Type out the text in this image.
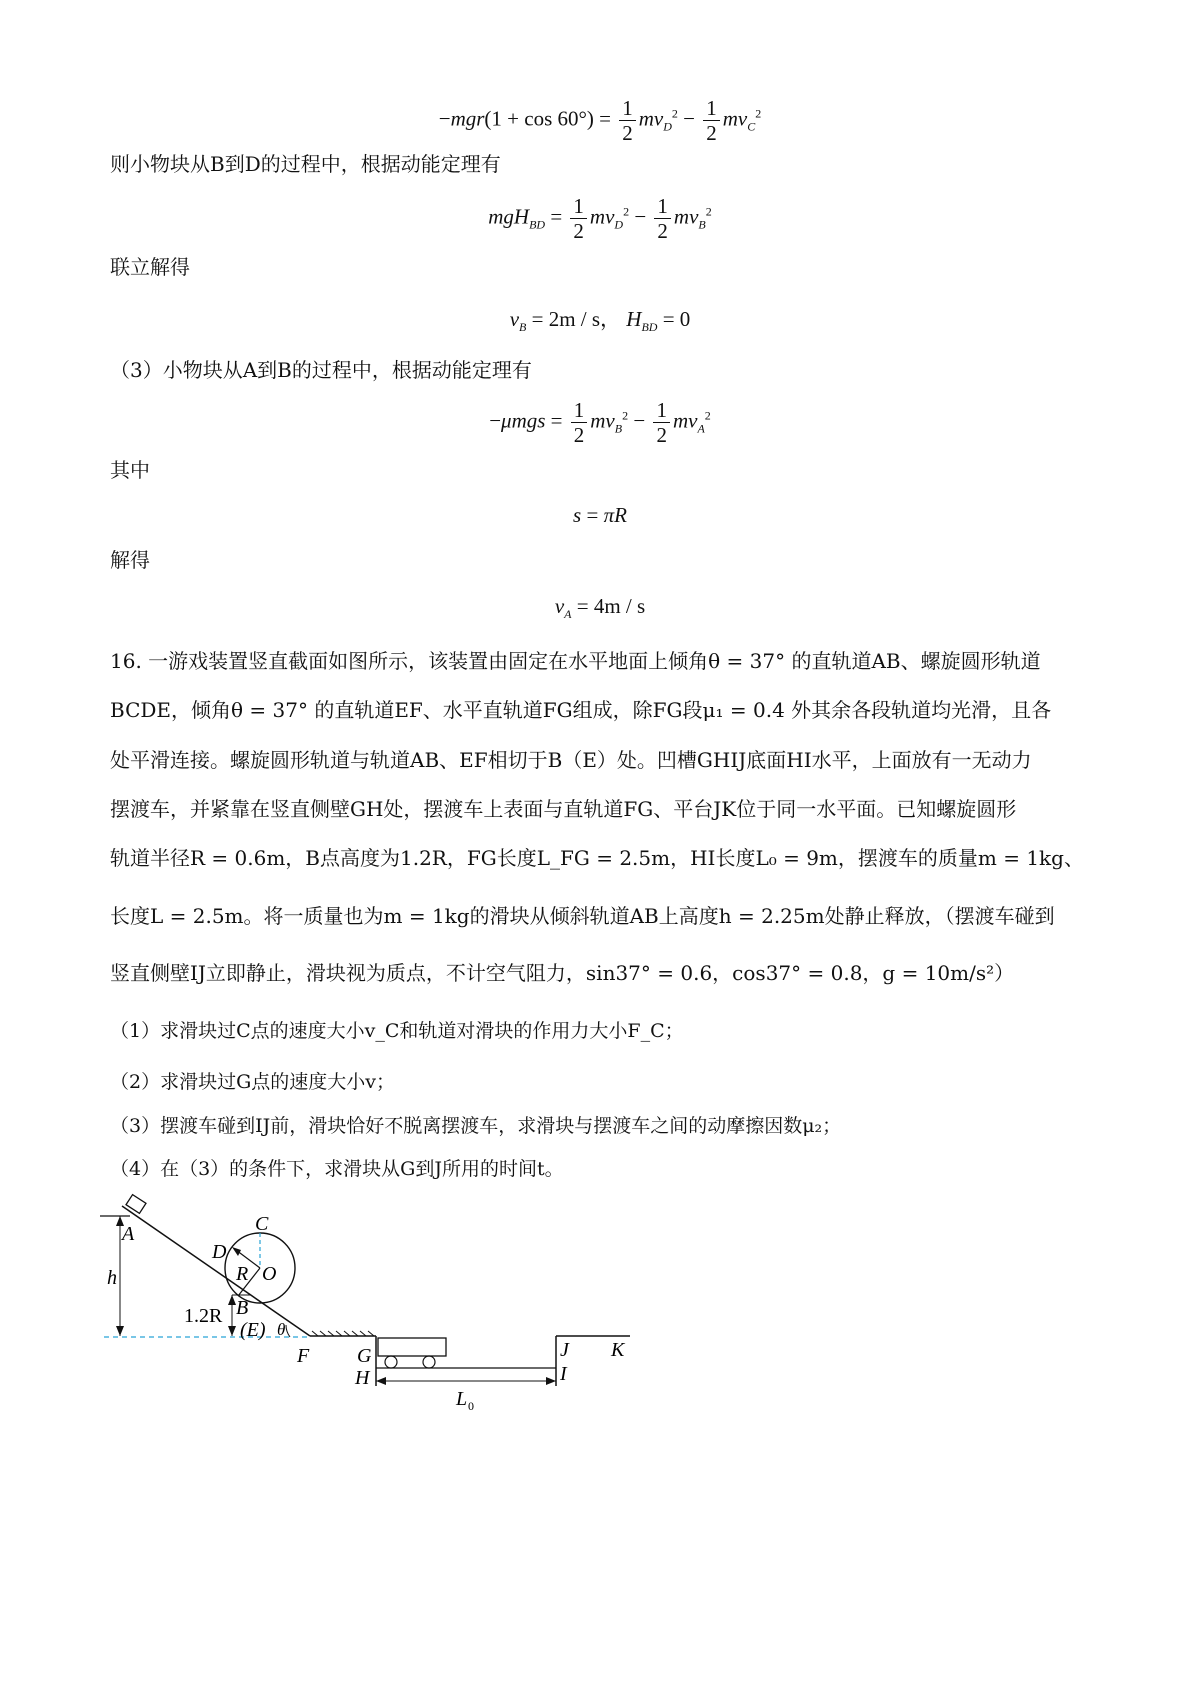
$-mgr(1 + \cos 60^\circ) = \frac{1}{2} mv_D^2 - \frac{1}{2} mv_C^2$
则小物块从B到D的过程中，根据动能定理有
$mgH_{BD} = \frac{1}{2} mv_D^2 - \frac{1}{2} mv_B^2$
联立解得
$v_B = 2m / s$， $H_{BD} = 0$
（3）小物块从A到B的过程中，根据动能定理有
$-\mu mgs = \frac{1}{2} mv_B^2 - \frac{1}{2} mv_A^2$
其中
s = πR
解得
$v_A = 4m / s$
16. 一游戏装置竖直截面如图所示，该装置由固定在水平地面上倾角θ = 37° 的直轨道AB、螺旋圆形轨道
BCDE，倾角θ = 37° 的直轨道EF、水平直轨道FG组成，除FG段μ₁ = 0.4 外其余各段轨道均光滑，且各
处平滑连接。螺旋圆形轨道与轨道AB、EF相切于B（E）处。凹槽GHIJ底面HI水平，上面放有一无动力
摆渡车，并紧靠在竖直侧壁GH处，摆渡车上表面与直轨道FG、平台JK位于同一水平面。已知螺旋圆形
轨道半径R = 0.6m，B点高度为1.2R，FG长度L_FG = 2.5m，HI长度L₀ = 9m，摆渡车的质量m = 1kg、
长度L = 2.5m。将一质量也为m = 1kg的滑块从倾斜轨道AB上高度h = 2.25m处静止释放，（摆渡车碰到
竖直侧壁IJ立即静止，滑块视为质点，不计空气阻力，sin37° = 0.6，cos37° = 0.8，g = 10m/s²）
（1）求滑块过C点的速度大小v_C和轨道对滑块的作用力大小F_C；
（2）求滑块过G点的速度大小v；
（3）摆渡车碰到IJ前，滑块恰好不脱离摆渡车，求滑块与摆渡车之间的动摩擦因数μ₂；
（4）在（3）的条件下，求滑块从G到J所用的时间t。
A	C
D
R O
B
(E)
h
1.2R
θ
F G
H
J
I
K
L 0
